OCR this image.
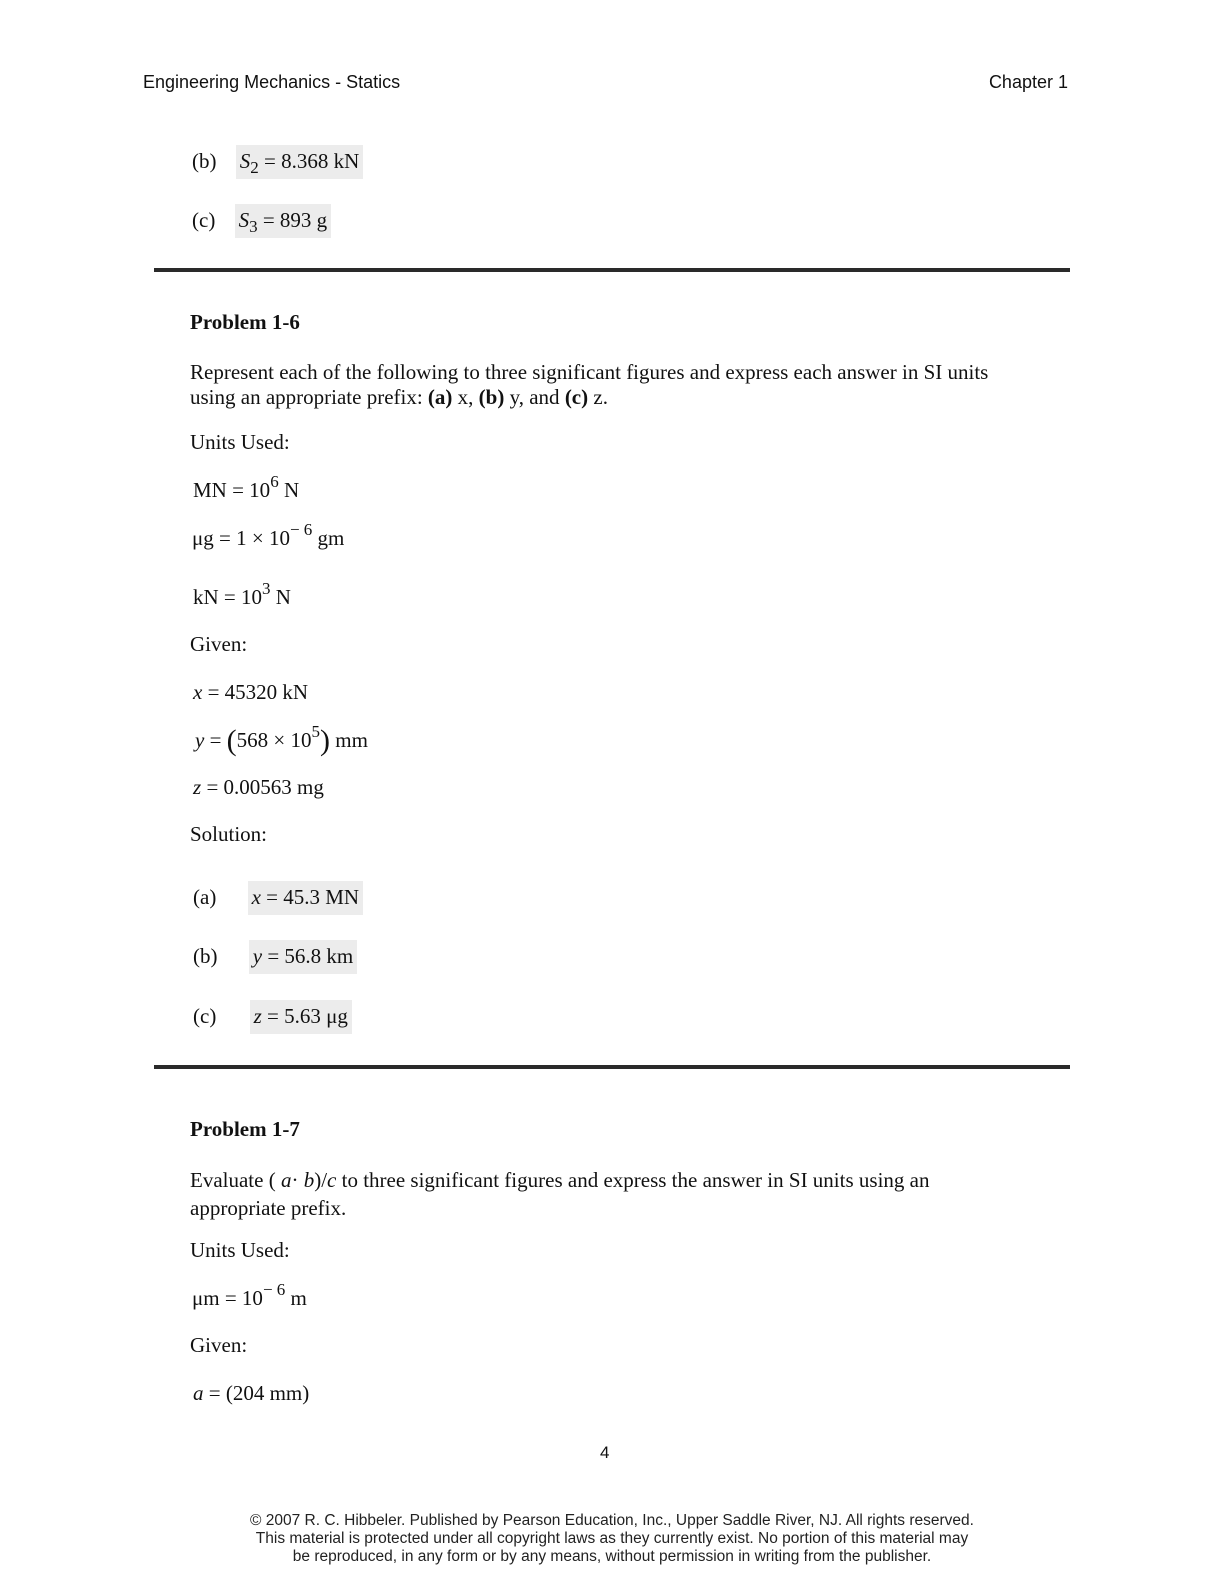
Engineering Mechanics - Statics	Chapter 1
(b) $S_2 = 8.368$ kN
(c) $S_3 = 893$ g
Problem 1-6
Represent each of the following to three significant figures and express each answer in SI units
using an appropriate prefix: (a) x, (b) y, and (c) z.
Units Used:
MN = $10^6$ N
$\mu g = 1 \times 10^{- 6}$ gm
kN = $10^3$ N
Given:
x = 45320 kN
$y = (568 \times 10^5)$ mm
z = 0.00563 mg
Solution:
(a) x = 45.3 MN
(b) y = 56.8 km
(c) z = 5.63 μg
Problem 1-7
Evaluate ( a· b)/c to three significant figures and express the answer in SI units using an
appropriate prefix.
Units Used:
$\mu m = 10^{- 6}$ m
Given:
a = (204 mm)
4
© 2007 R. C. Hibbeler. Published by Pearson Education, Inc., Upper Saddle River, NJ. All rights reserved.
This material is protected under all copyright laws as they currently exist. No portion of this material may
be reproduced, in any form or by any means, without permission in writing from the publisher.
